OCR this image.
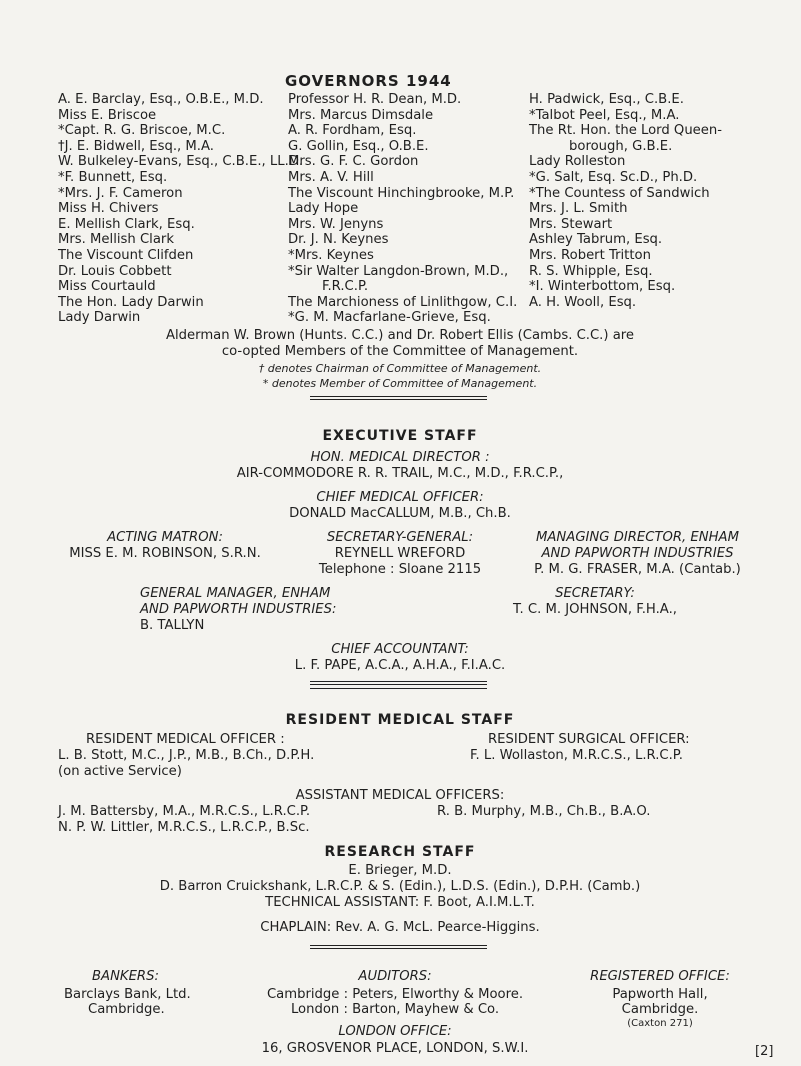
GOVERNORS 1944
A. E. Barclay, Esq., O.B.E., M.D.
Miss E. Briscoe
*Capt. R. G. Briscoe, M.C.
†J. E. Bidwell, Esq., M.A.
W. Bulkeley-Evans, Esq., C.B.E., LL.D.
*F. Bunnett, Esq.
*Mrs. J. F. Cameron
Miss H. Chivers
E. Mellish Clark, Esq.
Mrs. Mellish Clark
The Viscount Clifden
Dr. Louis Cobbett
Miss Courtauld
The Hon. Lady Darwin
Lady Darwin
Professor H. R. Dean, M.D.
Mrs. Marcus Dimsdale
A. R. Fordham, Esq.
G. Gollin, Esq., O.B.E.
Mrs. G. F. C. Gordon
Mrs. A. V. Hill
The Viscount Hinchingbrooke, M.P.
Lady Hope
Mrs. W. Jenyns
Dr. J. N. Keynes
*Mrs. Keynes
*Sir Walter Langdon-Brown, M.D.,
F.R.C.P.
The Marchioness of Linlithgow, C.I.
*G. M. Macfarlane-Grieve, Esq.
H. Padwick, Esq., C.B.E.
*Talbot Peel, Esq., M.A.
The Rt. Hon. the Lord Queen-
borough, G.B.E.
Lady Rolleston
*G. Salt, Esq. Sc.D., Ph.D.
*The Countess of Sandwich
Mrs. J. L. Smith
Mrs. Stewart
Ashley Tabrum, Esq.
Mrs. Robert Tritton
R. S. Whipple, Esq.
*I. Winterbottom, Esq.
A. H. Wooll, Esq.
Alderman W. Brown (Hunts. C.C.) and Dr. Robert Ellis (Cambs. C.C.) are
co-opted Members of the Committee of Management.
† denotes Chairman of Committee of Management.
* denotes Member of Committee of Management.
EXECUTIVE STAFF
HON. MEDICAL DIRECTOR :
AIR-COMMODORE R. R. TRAIL, M.C., M.D., F.R.C.P.,
CHIEF MEDICAL OFFICER:
DONALD MacCALLUM, M.B., Ch.B.
ACTING MATRON:
MISS E. M. ROBINSON, S.R.N.
SECRETARY-GENERAL:
REYNELL WREFORD
Telephone : Sloane 2115
MANAGING DIRECTOR, ENHAM
AND PAPWORTH INDUSTRIES
P. M. G. FRASER, M.A. (Cantab.)
GENERAL MANAGER, ENHAM
AND PAPWORTH INDUSTRIES:
B. TALLYN
SECRETARY:
T. C. M. JOHNSON, F.H.A.,
CHIEF ACCOUNTANT:
L. F. PAPE, A.C.A., A.H.A., F.I.A.C.
RESIDENT MEDICAL STAFF
RESIDENT MEDICAL OFFICER :
L. B. Stott, M.C., J.P., M.B., B.Ch., D.P.H.
(on active Service)
RESIDENT SURGICAL OFFICER:
F. L. Wollaston, M.R.C.S., L.R.C.P.
ASSISTANT MEDICAL OFFICERS:
J. M. Battersby, M.A., M.R.C.S., L.R.C.P.
N. P. W. Littler, M.R.C.S., L.R.C.P., B.Sc.
R. B. Murphy, M.B., Ch.B., B.A.O.
RESEARCH STAFF
E. Brieger, M.D.
D. Barron Cruickshank, L.R.C.P. & S. (Edin.), L.D.S. (Edin.), D.P.H. (Camb.)
TECHNICAL ASSISTANT: F. Boot, A.I.M.L.T.
CHAPLAIN: Rev. A. G. McL. Pearce-Higgins.
BANKERS:
Barclays Bank, Ltd.
Cambridge.
AUDITORS:
Cambridge : Peters, Elworthy & Moore.
London : Barton, Mayhew & Co.
REGISTERED OFFICE:
Papworth Hall,
Cambridge.
(Caxton 271)
LONDON OFFICE:
16, GROSVENOR PLACE, LONDON, S.W.I.	[2]
